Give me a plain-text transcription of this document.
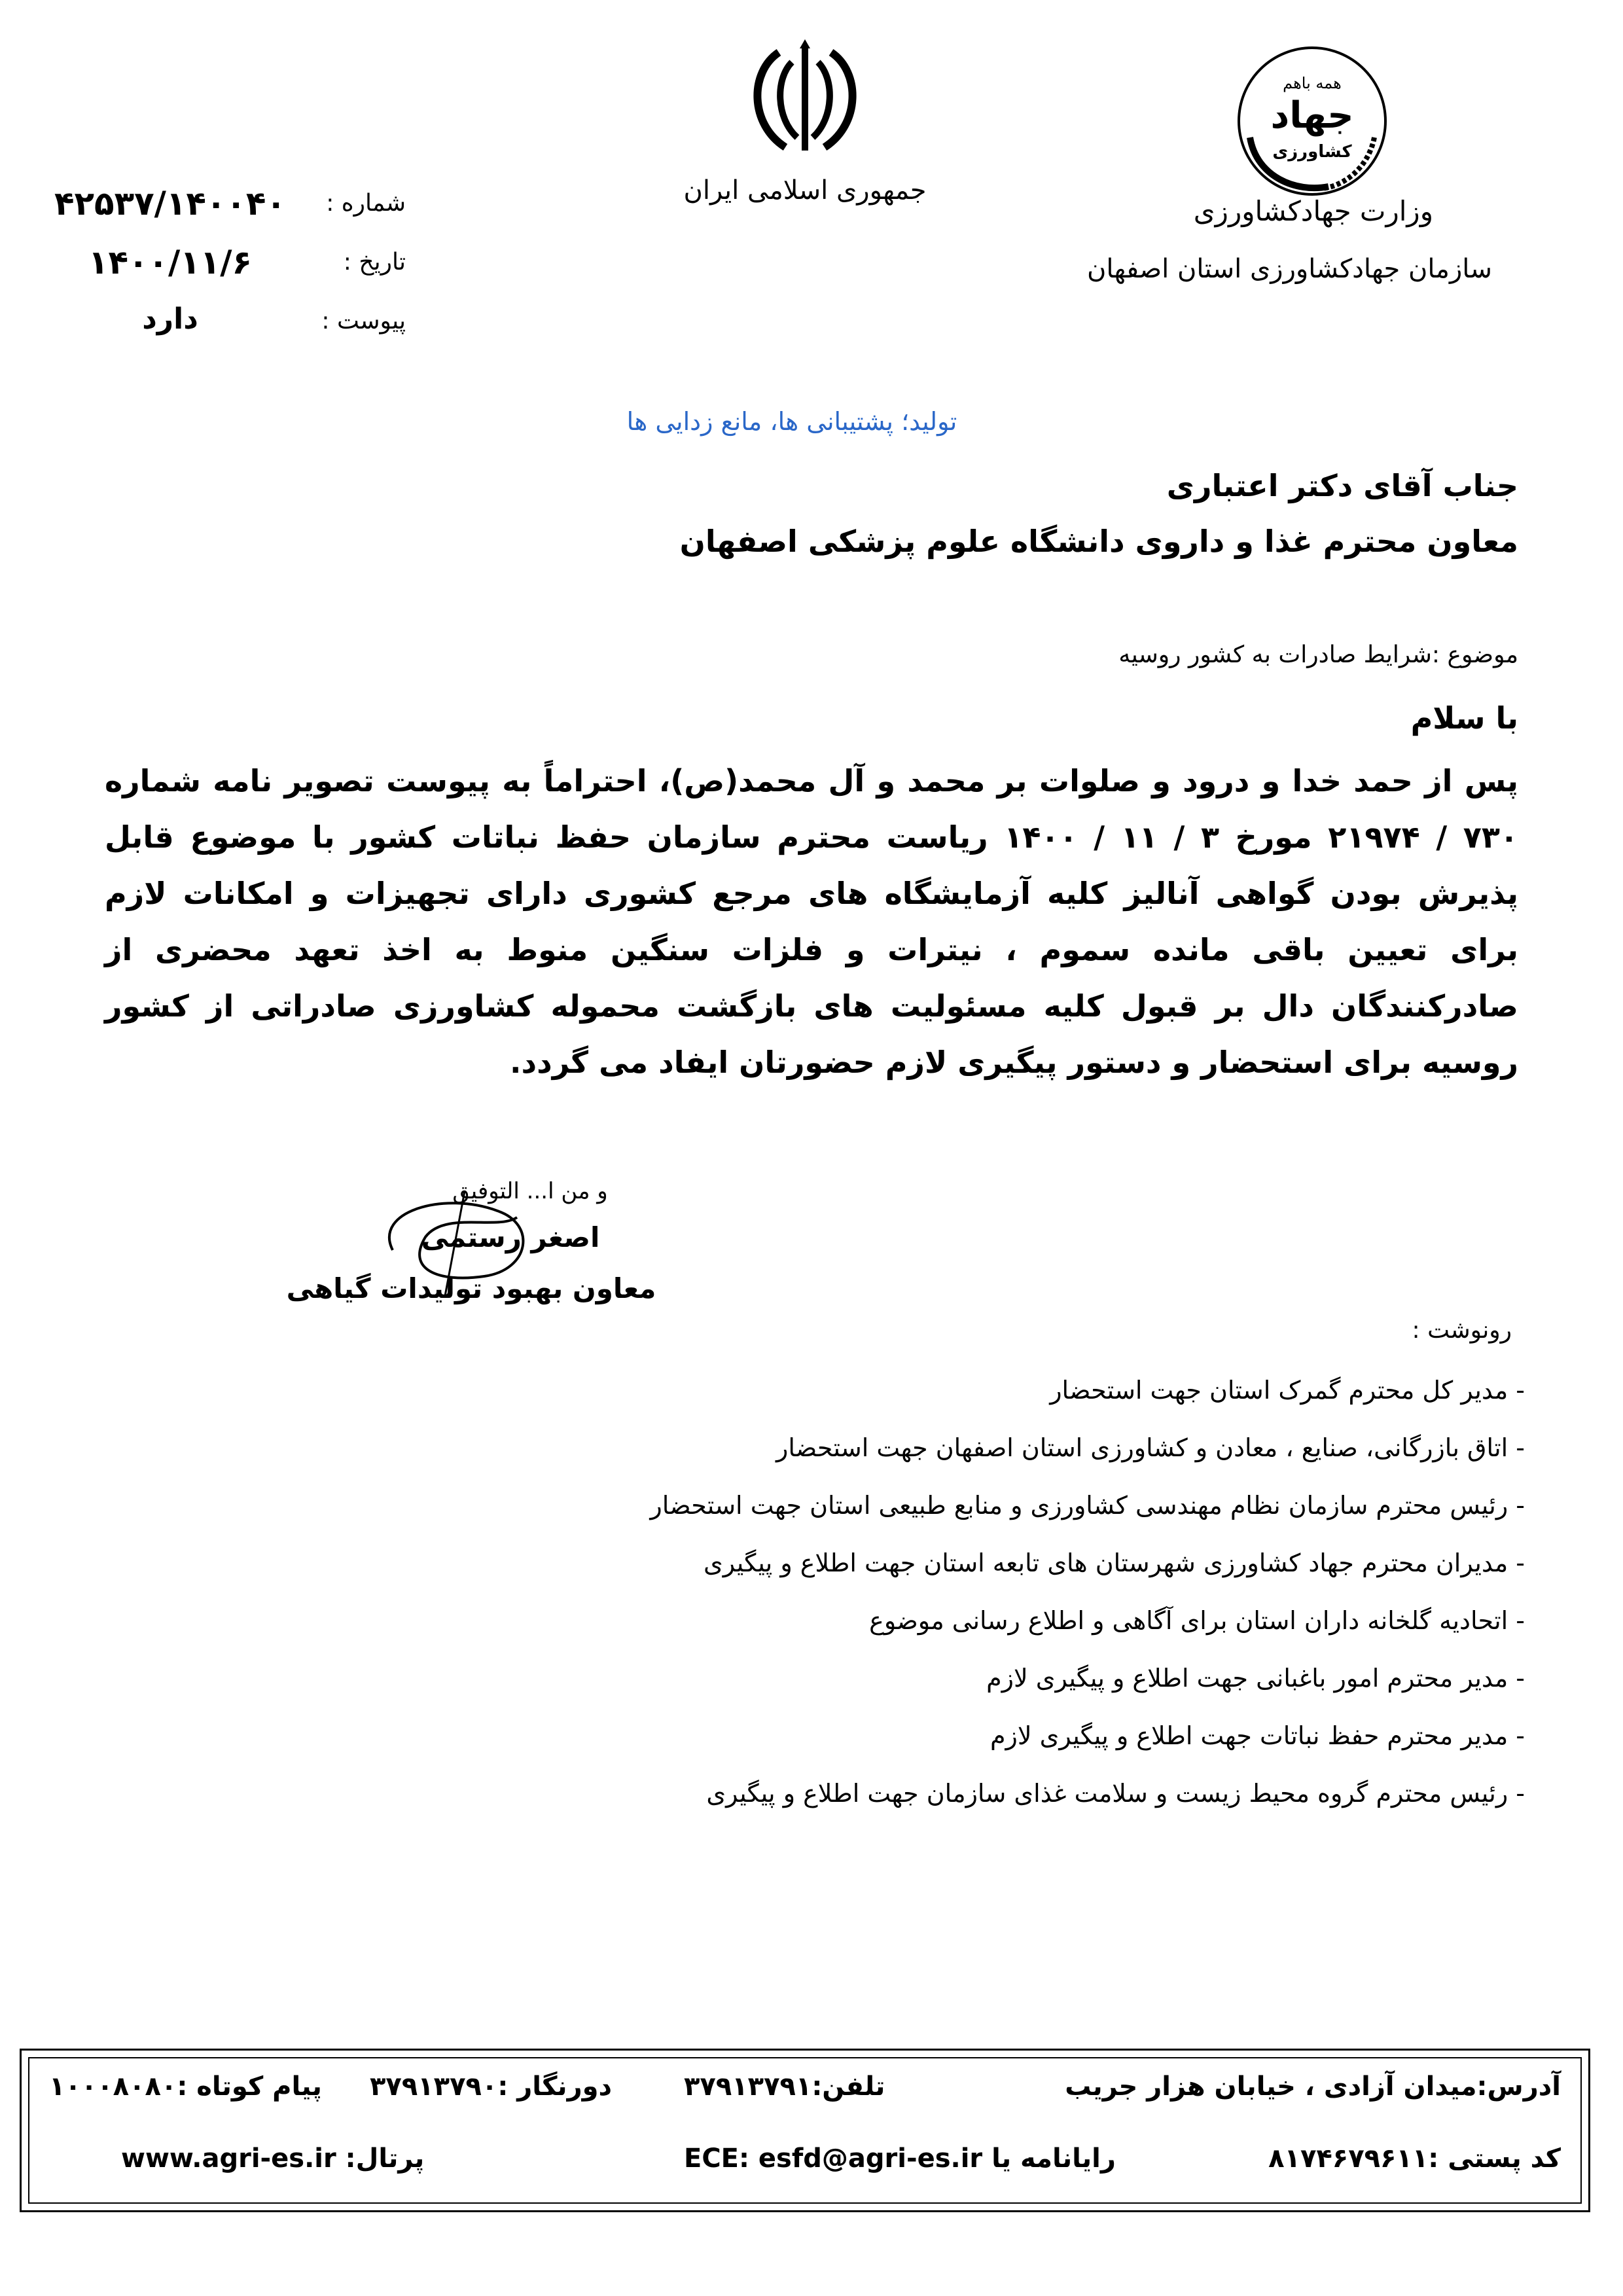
جمهوری اسلامی ایران
همه باهم
جهاد
کشاورزی
وزارت جهادکشاورزی
سازمان جهادکشاورزی استان اصفهان
شماره :
۴۲۵۳۷/۱۴۰۰۴۰
تاریخ :
۱۴۰۰/۱۱/۶
پیوست :
دارد
تولید؛ پشتیبانی ها، مانع زدایی ها
جناب آقای دکتر اعتباری
معاون محترم غذا و داروی دانشگاه علوم پزشکی اصفهان
موضوع :شرایط صادرات به کشور روسیه
با سلام
پس از حمد خدا و درود و صلوات بر محمد و آل محمد(ص)، احتراماً به پیوست تصویر نامه شماره ۷۳۰ / ۲۱۹۷۴ مورخ ۳ / ۱۱ / ۱۴۰۰ ریاست محترم سازمان حفظ نباتات کشور با موضوع قابل پذیرش بودن گواهی آنالیز کلیه آزمایشگاه های مرجع کشوری دارای تجهیزات و امکانات لازم برای تعیین باقی مانده سموم ، نیترات و فلزات سنگین منوط به اخذ تعهد محضری از صادرکنندگان دال بر قبول کلیه مسئولیت های بازگشت محموله کشاورزی صادراتی از کشور روسیه برای استحضار و دستور پیگیری لازم حضورتان ایفاد می گردد.
و من ا... التوفیق
اصغر رستمی
معاون بهبود تولیدات گیاهی
رونوشت :
- مدیر کل محترم گمرک استان جهت استحضار
- اتاق بازرگانی، صنایع ، معادن و کشاورزی استان اصفهان جهت استحضار
- رئیس محترم سازمان نظام مهندسی کشاورزی و منابع طبیعی استان جهت استحضار
- مدیران محترم جهاد کشاورزی شهرستان های تابعه استان جهت اطلاع و پیگیری
- اتحادیه گلخانه داران استان برای آگاهی و اطلاع رسانی موضوع
- مدیر محترم امور باغبانی جهت اطلاع و پیگیری لازم
- مدیر محترم حفظ نباتات جهت اطلاع و پیگیری لازم
- رئیس محترم گروه محیط زیست و سلامت غذای سازمان جهت اطلاع و پیگیری
آدرس:میدان آزادی ، خیابان هزار جریب
تلفن:۳۷۹۱۳۷۹۱
دورنگار :۳۷۹۱۳۷۹۰
پیام کوتاه :۱۰۰۰۸۰۸۰
کد پستی :۸۱۷۴۶۷۹۶۱۱
رایانامه یا ECE: esfd@agri-es.ir
پرتال: www.agri-es.ir
